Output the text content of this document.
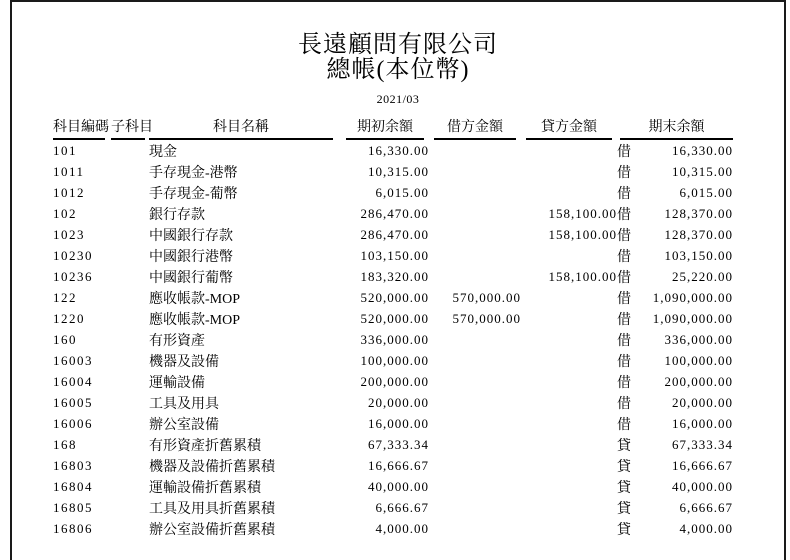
長遠顧問有限公司
總帳(本位幣)
2021/03
科目編碼	子科目	科目名稱	期初余額	借方金額	貸方金額	期末余額	

101		現金	16,330.00			借	16,330.00
1011		手存現金-港幣	10,315.00			借	10,315.00
1012		手存現金-葡幣	6,015.00			借	6,015.00
102		銀行存款	286,470.00		158,100.00	借	128,370.00
1023		中國銀行存款	286,470.00		158,100.00	借	128,370.00
10230		中國銀行港幣	103,150.00			借	103,150.00
10236		中國銀行葡幣	183,320.00		158,100.00	借	25,220.00
122		應收帳款-MOP	520,000.00	570,000.00		借	1,090,000.00
1220		應收帳款-MOP	520,000.00	570,000.00		借	1,090,000.00
160		有形資產	336,000.00			借	336,000.00
16003		機器及設備	100,000.00			借	100,000.00
16004		運輸設備	200,000.00			借	200,000.00
16005		工具及用具	20,000.00			借	20,000.00
16006		辦公室設備	16,000.00			借	16,000.00
168		有形資產折舊累積	67,333.34			貸	67,333.34
16803		機器及設備折舊累積	16,666.67			貸	16,666.67
16804		運輸設備折舊累積	40,000.00			貸	40,000.00
16805		工具及用具折舊累積	6,666.67			貸	6,666.67
16806		辦公室設備折舊累積	4,000.00			貸	4,000.00
